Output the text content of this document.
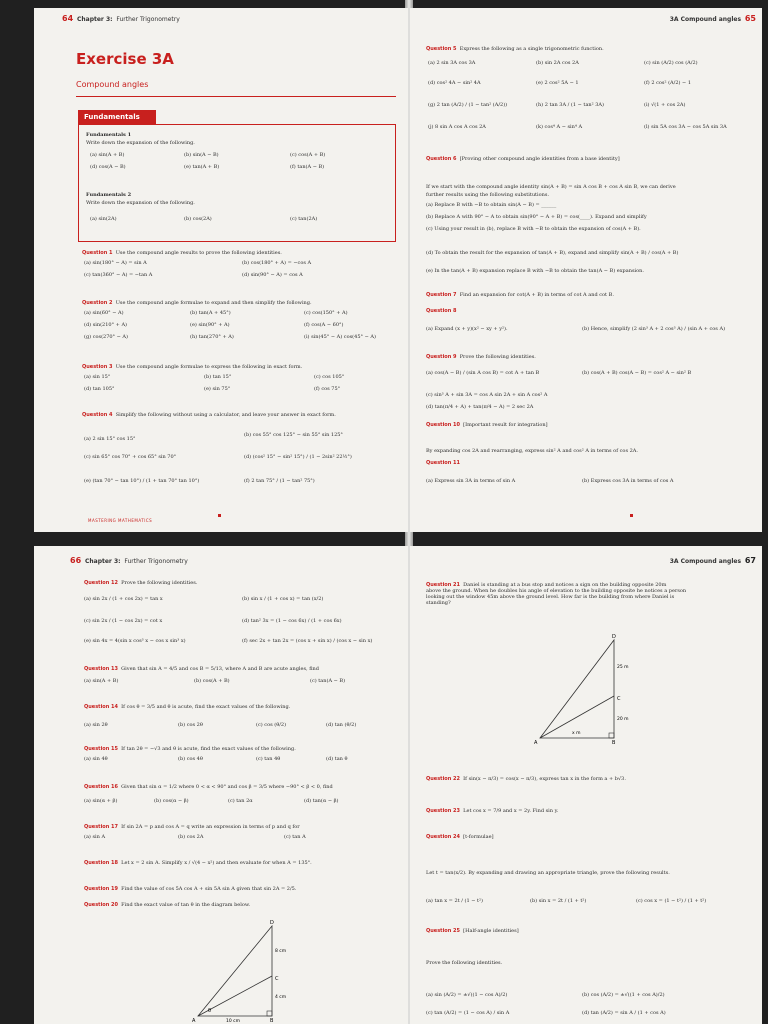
64 Chapter 3: Further Trigonometry
Exercise 3A
Compound angles
Fundamentals
Fundamentals 1
Write down the expansion of the following.
(a) sin(A + B)	(b) sin(A − B)	(c) cos(A + B)
(d) cos(A − B)	(e) tan(A + B)	(f) tan(A − B)
Fundamentals 2
Write down the expansion of the following.
(a) sin(2A)	(b) cos(2A)	(c) tan(2A)
Question 1 Use the compound angle results to prove the following identities.
(a) sin(180° − A) = sin A	(b) cos(180° + A) = −cos A
(c) tan(360° − A) = −tan A	(d) sin(90° − A) = cos A
Question 2 Use the compound angle formulae to expand and then simplify the following.
(a) sin(60° − A)	(b) tan(A + 45°)	(c) cos(150° + A)
(d) sin(210° + A)	(e) sin(90° + A)	(f) cos(A − 60°)
(g) cos(270° − A)	(h) tan(270° + A)	(i) sin(45° − A) cos(45° − A)
Question 3 Use the compound angle formulae to express the following in exact form.
(a) sin 15°	(b) tan 15°	(c) cos 105°
(d) tan 105°	(e) sin 75°	(f) cos 75°
Question 4 Simplify the following without using a calculator, and leave your answer in exact form.
(a) 2 sin 15° cos 15°
(b) cos 55° cos 125° − sin 55° sin 125°
(c) sin 65° cos 70° + cos 65° sin 70°	(d) (cos² 15° − sin² 15°) / (1 − 2sin² 22½°)
(e) (tan 70° − tan 10°) / (1 + tan 70° tan 10°)	(f) 2 tan 75° / (1 − tan² 75°)
MASTERING MATHEMATICS
3A Compound angles 65
Question 5 Express the following as a single trigonometric function.
(a) 2 sin 3A cos 3A	(b) sin 2A cos 2A	(c) sin (A/2) cos (A/2)
(d) cos² 4A − sin² 4A	(e) 2 cos² 5A − 1	(f) 2 cos² (A/2) − 1
(g) 2 tan (A/2) / (1 − tan² (A/2))	(h) 2 tan 3A / (1 − tan² 3A)	(i) √(1 + cos 2A)
(j) 8 sin A cos A cos 2A	(k) cos⁴ A − sin⁴ A	(l) sin 5A cos 3A − cos 5A sin 3A
Question 6 [Proving other compound angle identities from a base identity]
If we start with the compound angle identity sin(A + B) = sin A cos B + cos A sin B, we can derive
further results using the following substitutions.
(a) Replace B with −B to obtain sin(A − B) = ______
(b) Replace A with 90° − A to obtain sin(90° − A + B) = cos(____). Expand and simplify
(c) Using your result in (b), replace B with −B to obtain the expansion of cos(A + B).
(d) To obtain the result for the expansion of tan(A + B), expand and simplify sin(A + B) / cos(A + B)
(e) In the tan(A + B) expansion replace B with −B to obtain the tan(A − B) expansion.
Question 7 Find an expansion for cot(A + B) in terms of cot A and cot B.
Question 8
(a) Expand (x + y)(x² − xy + y²).	(b) Hence, simplify (2 sin³ A + 2 cos³ A) / (sin A + cos A)
Question 9 Prove the following identities.
(a) cos(A − B) / (sin A cos B) = cot A + tan B	(b) cos(A + B) cos(A − B) = cos² A − sin² B
(c) sin³ A + sin 3A = cos A sin 2A + sin A cos² A
(d) tan(π/4 + A) + tan(π/4 − A) = 2 sec 2A
Question 10 [Important result for integration]
By expanding cos 2A and rearranging, express sin² A and cos² A in terms of cos 2A.
Question 11
(a) Express sin 3A in terms of sin A	(b) Express cos 3A in terms of cos A
66 Chapter 3: Further Trigonometry
Question 12 Prove the following identities.
(a) sin 2x / (1 + cos 2x) = tan x	(b) sin x / (1 + cos x) = tan (x/2)
(c) sin 2x / (1 − cos 2x) = cot x	(d) tan² 3x = (1 − cos 6x) / (1 + cos 6x)
(e) sin 4x = 4(sin x cos³ x − cos x sin³ x)	(f) sec 2x + tan 2x = (cos x + sin x) / (cos x − sin x)
Question 13 Given that sin A = 4/5 and cos B = 5/13, where A and B are acute angles, find
(a) sin(A + B)	(b) cos(A + B)	(c) tan(A − B)
Question 14 If cos θ = 3/5 and θ is acute, find the exact values of the following.
(a) sin 2θ	(b) cos 2θ	(c) cos (θ/2)	(d) tan (θ/2)
Question 15 If tan 2θ = −√3 and θ is acute, find the exact values of the following.
(a) sin 4θ	(b) cos 4θ	(c) tan 4θ	(d) tan θ
Question 16 Given that sin α = 1/2 where 0 < α < 90° and cos β = 3/5 where −90° < β < 0, find
(a) sin(α + β)	(b) cos(α − β)	(c) tan 2α	(d) tan(α − β)
Question 17 If sin 2A = p and cos A = q write an expression in terms of p and q for
(a) sin A	(b) cos 2A	(c) tan A
Question 18 Let x = 2 sin A. Simplify x / √(4 − x²) and then evaluate for when A = 135°.
Question 19 Find the value of cos 5A cos A + sin 5A sin A given that sin 2A = 2/5.
Question 20 Find the exact value of tan θ in the diagram below.
D
C
A	B
θ
8 cm
4 cm
10 cm
3A Compound angles 67
Question 21 Daniel is standing at a bus stop and notices a sign on the building opposite 20m
above the ground. When he doubles his angle of elevation to the building opposite he notices a person
looking out the window 45m above the ground level. How far is the building from where Daniel is
standing?
D
C
A	B
25 m
20 m
x m
Question 22 If sin(x − π/3) = cos(x − π/3), express tan x in the form a + b√3.
Question 23 Let cos x = 7/9 and x = 2y. Find sin y.
Question 24 [t-formulae]
Let t = tan(x/2). By expanding and drawing an appropriate triangle, prove the following results.
(a) tan x = 2t / (1 − t²)	(b) sin x = 2t / (1 + t²)	(c) cos x = (1 − t²) / (1 + t²)
Question 25 [Half-angle identities]
Prove the following identities.
(a) sin (A/2) = ±√((1 − cos A)/2)	(b) cos (A/2) = ±√((1 + cos A)/2)
(c) tan (A/2) = (1 − cos A) / sin A	(d) tan (A/2) = sin A / (1 + cos A)
